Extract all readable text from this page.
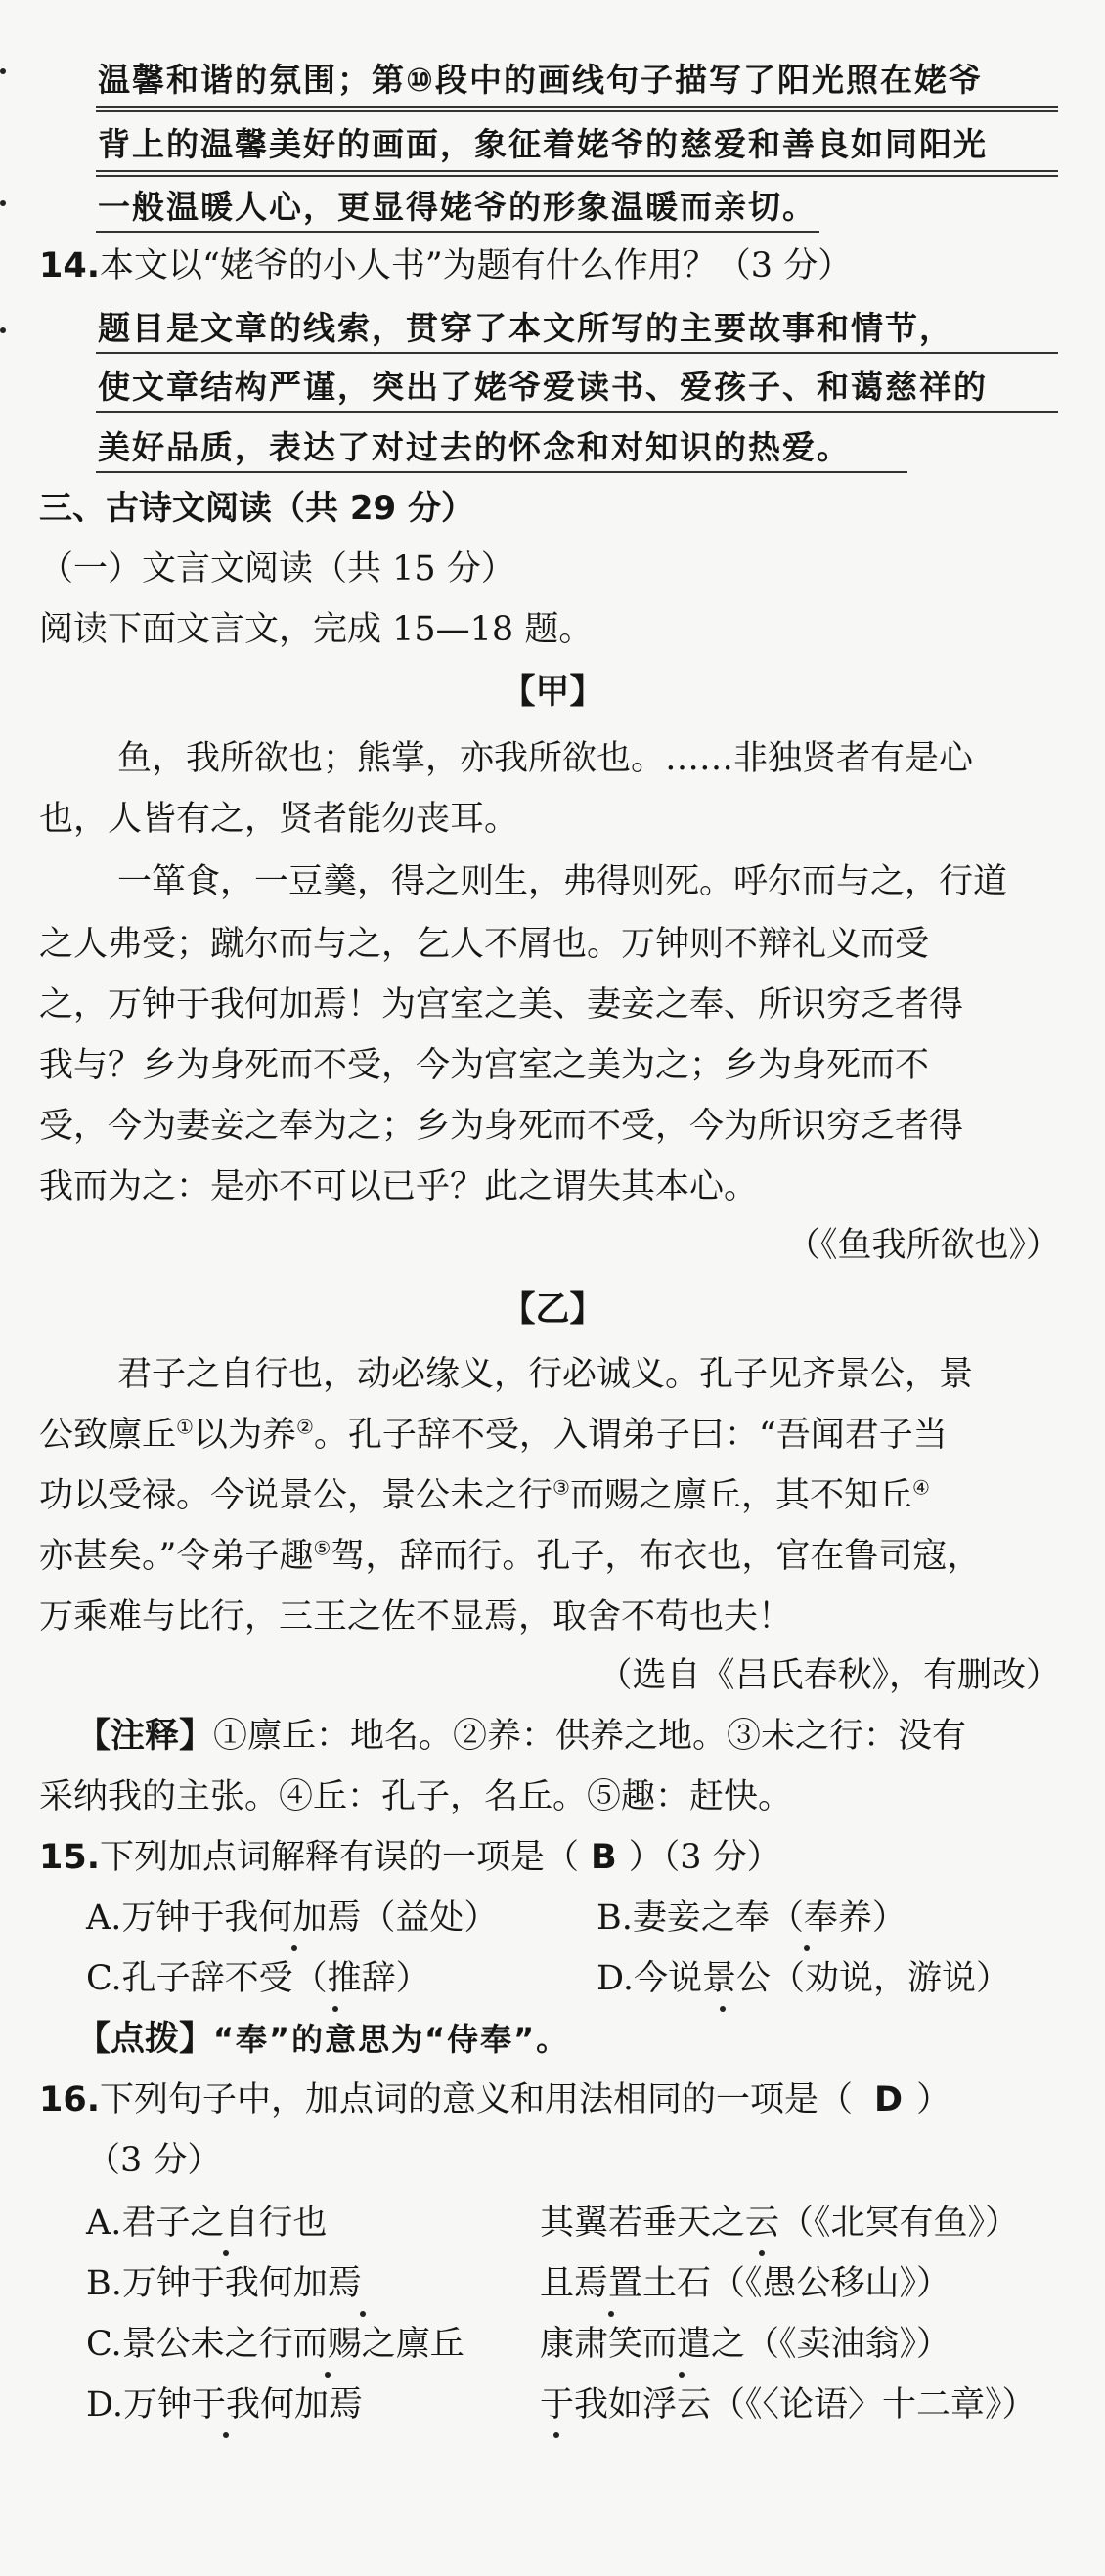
温馨和谐的氛围；第⑩段中的画线句子描写了阳光照在姥爷
背上的温馨美好的画面，象征着姥爷的慈爱和善良如同阳光
一般温暖人心，更显得姥爷的形象温暖而亲切。
14.本文以“姥爷的小人书”为题有什么作用？（3 分）
题目是文章的线索，贯穿了本文所写的主要故事和情节，
使文章结构严谨，突出了姥爷爱读书、爱孩子、和蔼慈祥的
美好品质，表达了对过去的怀念和对知识的热爱。
三、古诗文阅读（共 29 分）
（一）文言文阅读（共 15 分）
阅读下面文言文，完成 15—18 题。
【甲】
鱼，我所欲也；熊掌，亦我所欲也。……非独贤者有是心
也，人皆有之，贤者能勿丧耳。
一箪食，一豆羹，得之则生，弗得则死。呼尔而与之，行道
之人弗受；蹴尔而与之，乞人不屑也。万钟则不辩礼义而受
之，万钟于我何加焉！为宫室之美、妻妾之奉、所识穷乏者得
我与？乡为身死而不受，今为宫室之美为之；乡为身死而不
受，今为妻妾之奉为之；乡为身死而不受，今为所识穷乏者得
我而为之：是亦不可以已乎？此之谓失其本心。
（《鱼我所欲也》）
【乙】
君子之自行也，动必缘义，行必诚义。孔子见齐景公，景
公致廪丘①以为养②。孔子辞不受，入谓弟子曰：“吾闻君子当
功以受禄。今说景公，景公未之行③而赐之廪丘，其不知丘④
亦甚矣。”令弟子趣⑤驾，辞而行。孔子，布衣也，官在鲁司寇，
万乘难与比行，三王之佐不显焉，取舍不苟也夫！
（选自《吕氏春秋》，有删改）
【注释】①廪丘：地名。②养：供养之地。③未之行：没有
采纳我的主张。④丘：孔子，名丘。⑤趣：赶快。
15.下列加点词解释有误的一项是（ B ）（3 分）
A.万钟于我何加焉（益处）	B.妻妾之奉（奉养）
C.孔子辞不受（推辞）	D.今说景公（劝说，游说）
【点拨】“奉”的意思为“侍奉”。
16.下列句子中，加点词的意义和用法相同的一项是（ D ）
（3 分）
A.君子之自行也	其翼若垂天之云（《北冥有鱼》）
B.万钟于我何加焉	且焉置土石（《愚公移山》）
C.景公未之行而赐之廪丘 康肃笑而遣之（《卖油翁》）
D.万钟于我何加焉	于我如浮云（《〈论语〉十二章》）
